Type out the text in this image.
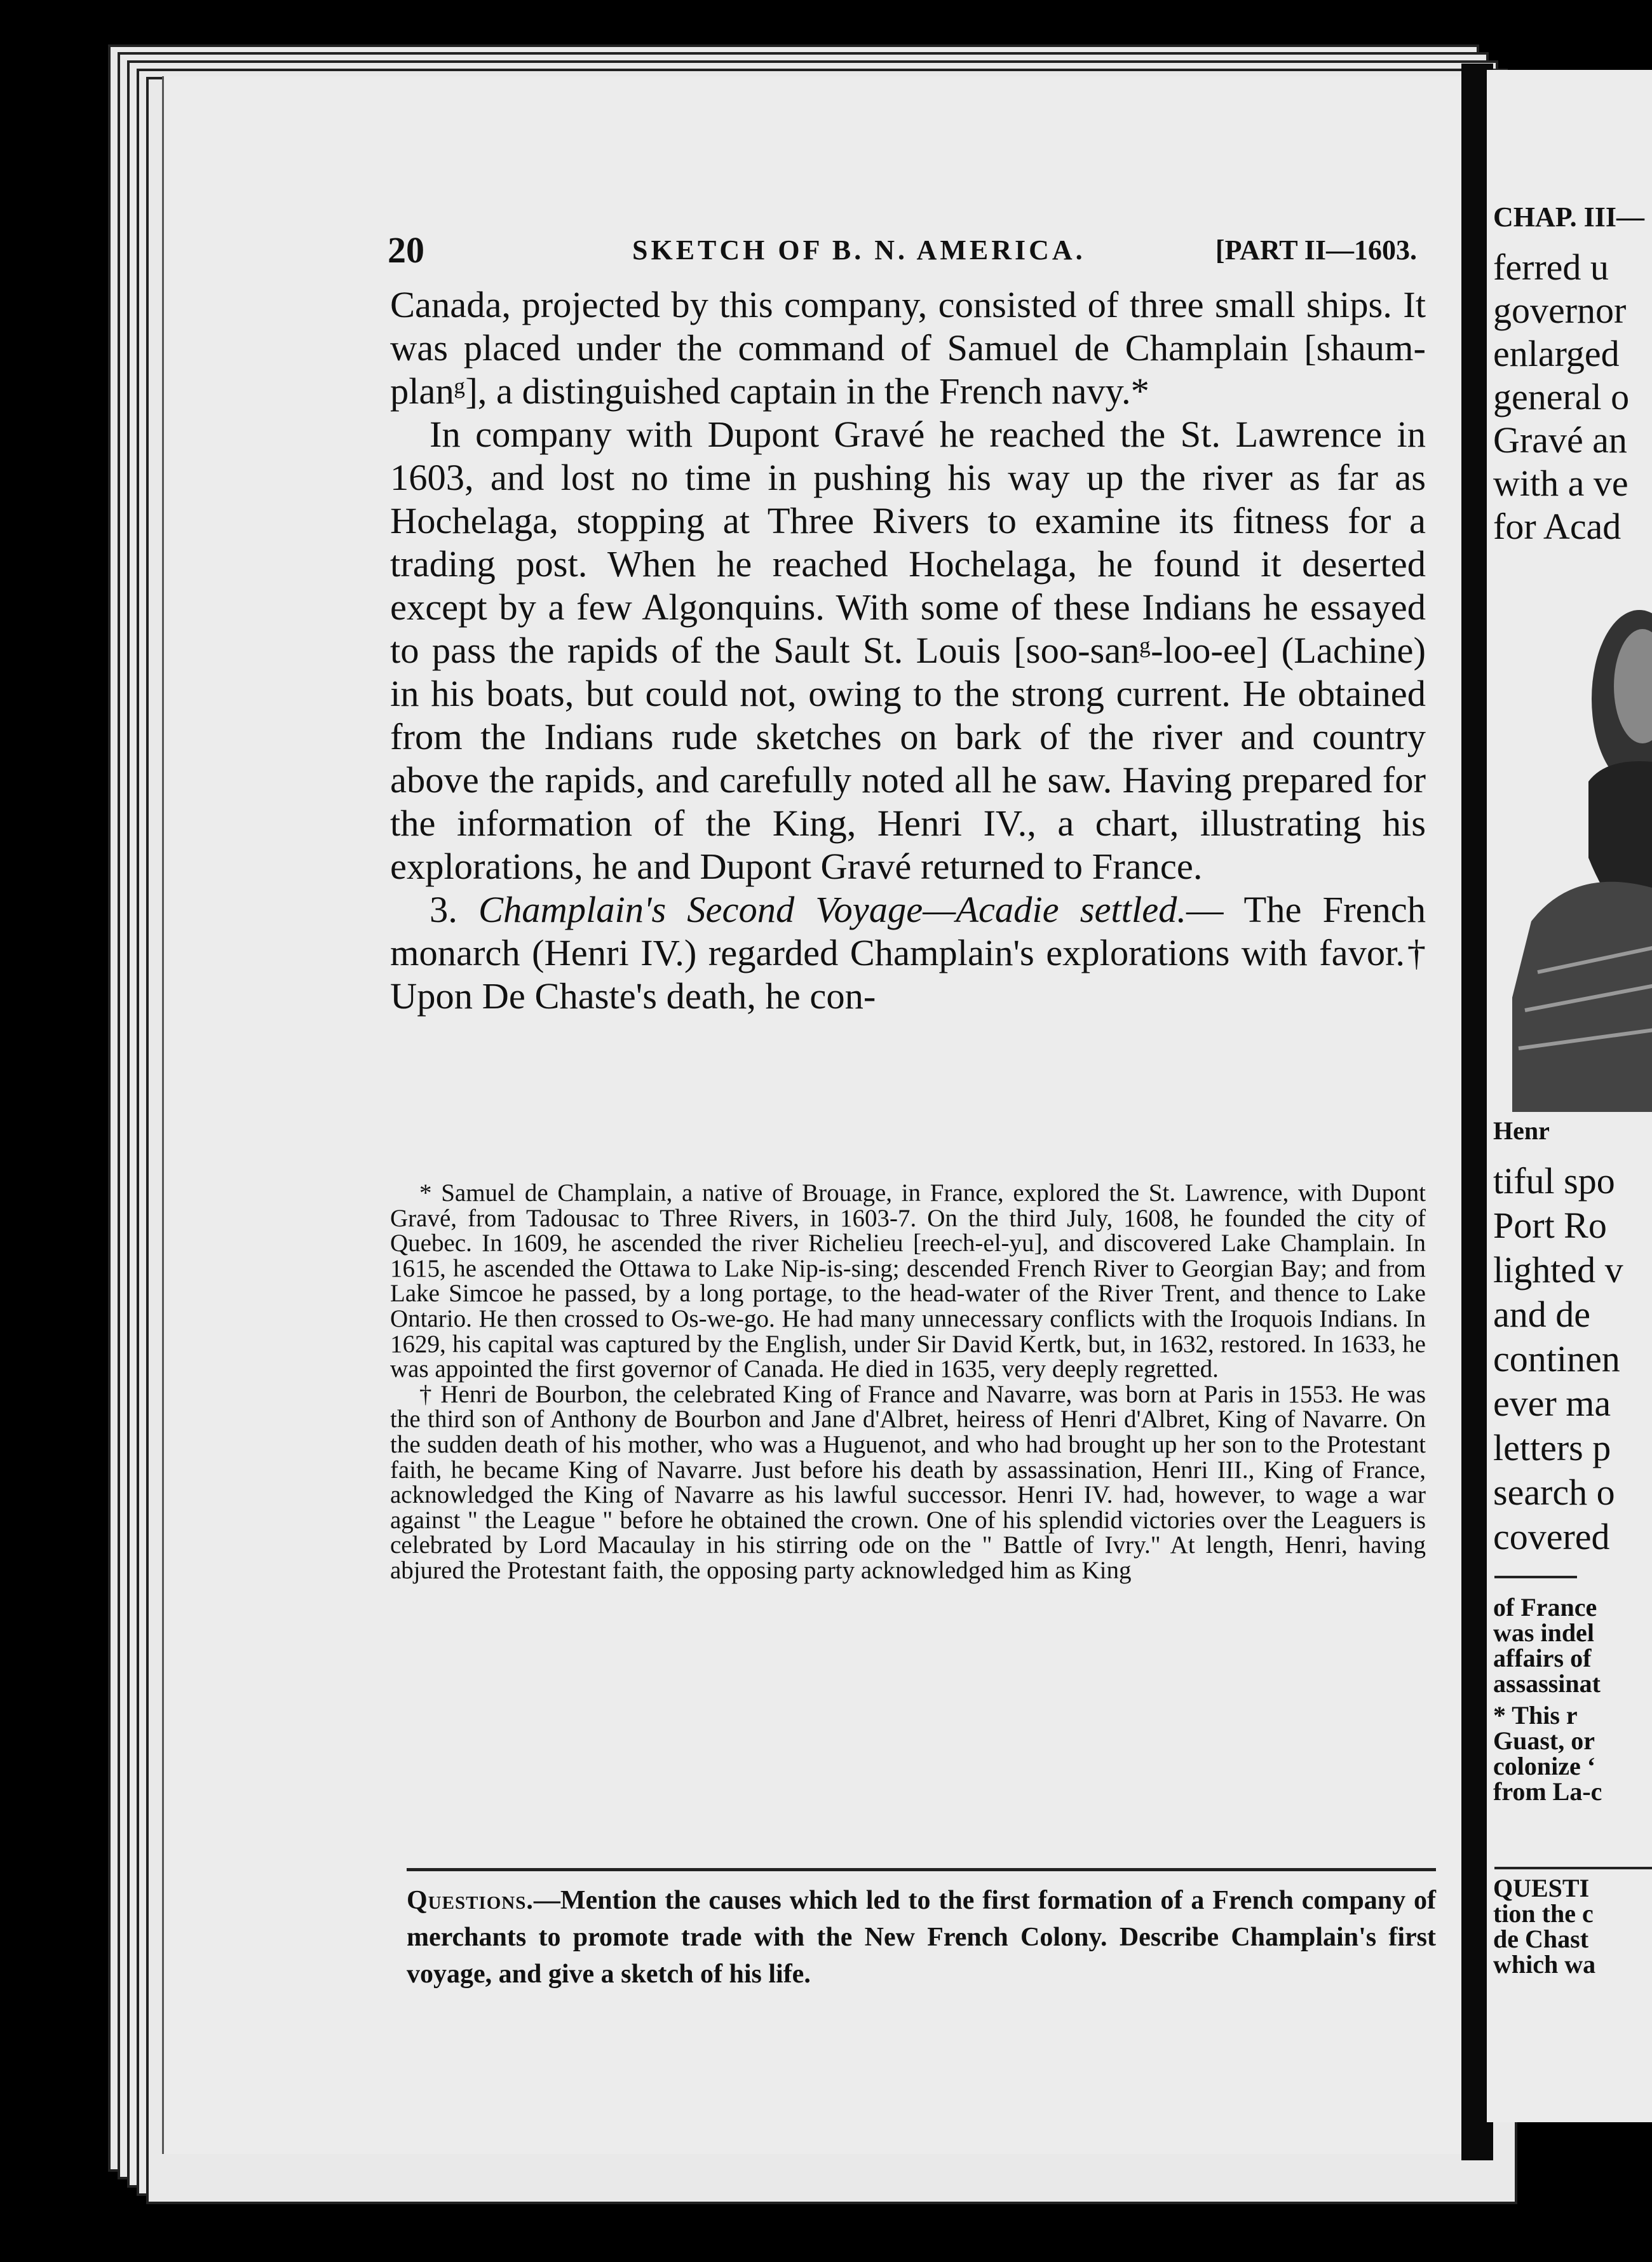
20	SKETCH OF B. N. AMERICA.	[PART II—1603.

Canada, projected by this company, consisted of three small ships. It was placed under the command of Samuel de Champlain [shaum-planᵍ], a distinguished captain in the French navy.*

In company with Dupont Gravé he reached the St. Lawrence in 1603, and lost no time in pushing his way up the river as far as Hochelaga, stopping at Three Rivers to examine its fitness for a trading post. When he reached Hochelaga, he found it deserted except by a few Algonquins. With some of these Indians he essayed to pass the rapids of the Sault St. Louis [soo-sanᵍ-loo-ee] (Lachine) in his boats, but could not, owing to the strong current. He obtained from the Indians rude sketches on bark of the river and country above the rapids, and carefully noted all he saw. Having prepared for the information of the King, Henri IV., a chart, illustrating his explorations, he and Dupont Gravé returned to France.

3. Champlain's Second Voyage—Acadie settled.— The French monarch (Henri IV.) regarded Champlain's explorations with favor.† Upon De Chaste's death, he con-

* Samuel de Champlain, a native of Brouage, in France, explored the St. Lawrence, with Dupont Gravé, from Tadousac to Three Rivers, in 1603-7. On the third July, 1608, he founded the city of Quebec. In 1609, he ascended the river Richelieu [reech-el-yu], and discovered Lake Champlain. In 1615, he ascended the Ottawa to Lake Nip-is-sing; descended French River to Georgian Bay; and from Lake Simcoe he passed, by a long portage, to the head-water of the River Trent, and thence to Lake Ontario. He then crossed to Os-we-go. He had many unnecessary conflicts with the Iroquois Indians. In 1629, his capital was captured by the English, under Sir David Kertk, but, in 1632, restored. In 1633, he was appointed the first governor of Canada. He died in 1635, very deeply regretted.

† Henri de Bourbon, the celebrated King of France and Navarre, was born at Paris in 1553. He was the third son of Anthony de Bourbon and Jane d'Albret, heiress of Henri d'Albret, King of Navarre. On the sudden death of his mother, who was a Huguenot, and who had brought up her son to the Protestant faith, he became King of Navarre. Just before his death by assassination, Henri III., King of France, acknowledged the King of Navarre as his lawful successor. Henri IV. had, however, to wage a war against " the League " before he obtained the crown. One of his splendid victories over the Leaguers is celebrated by Lord Macaulay in his stirring ode on the " Battle of Ivry." At length, Henri, having abjured the Protestant faith, the opposing party acknowledged him as King

Questions.—Mention the causes which led to the first formation of a French company of merchants to promote trade with the New French Colony. Describe Champlain's first voyage, and give a sketch of his life.
CHAP. III—
ferred u
governor
enlarged
general o
Gravé an
with a ve
for Acad
Henr
tiful spo
Port Ro
lighted v
and de
continen
ever ma
letters p
search o
covered
of France
was indel
affairs of
assassinat
* This r
Guast, or
colonize ‘
from La-c
QUESTI
tion the c
de Chast
which wa
